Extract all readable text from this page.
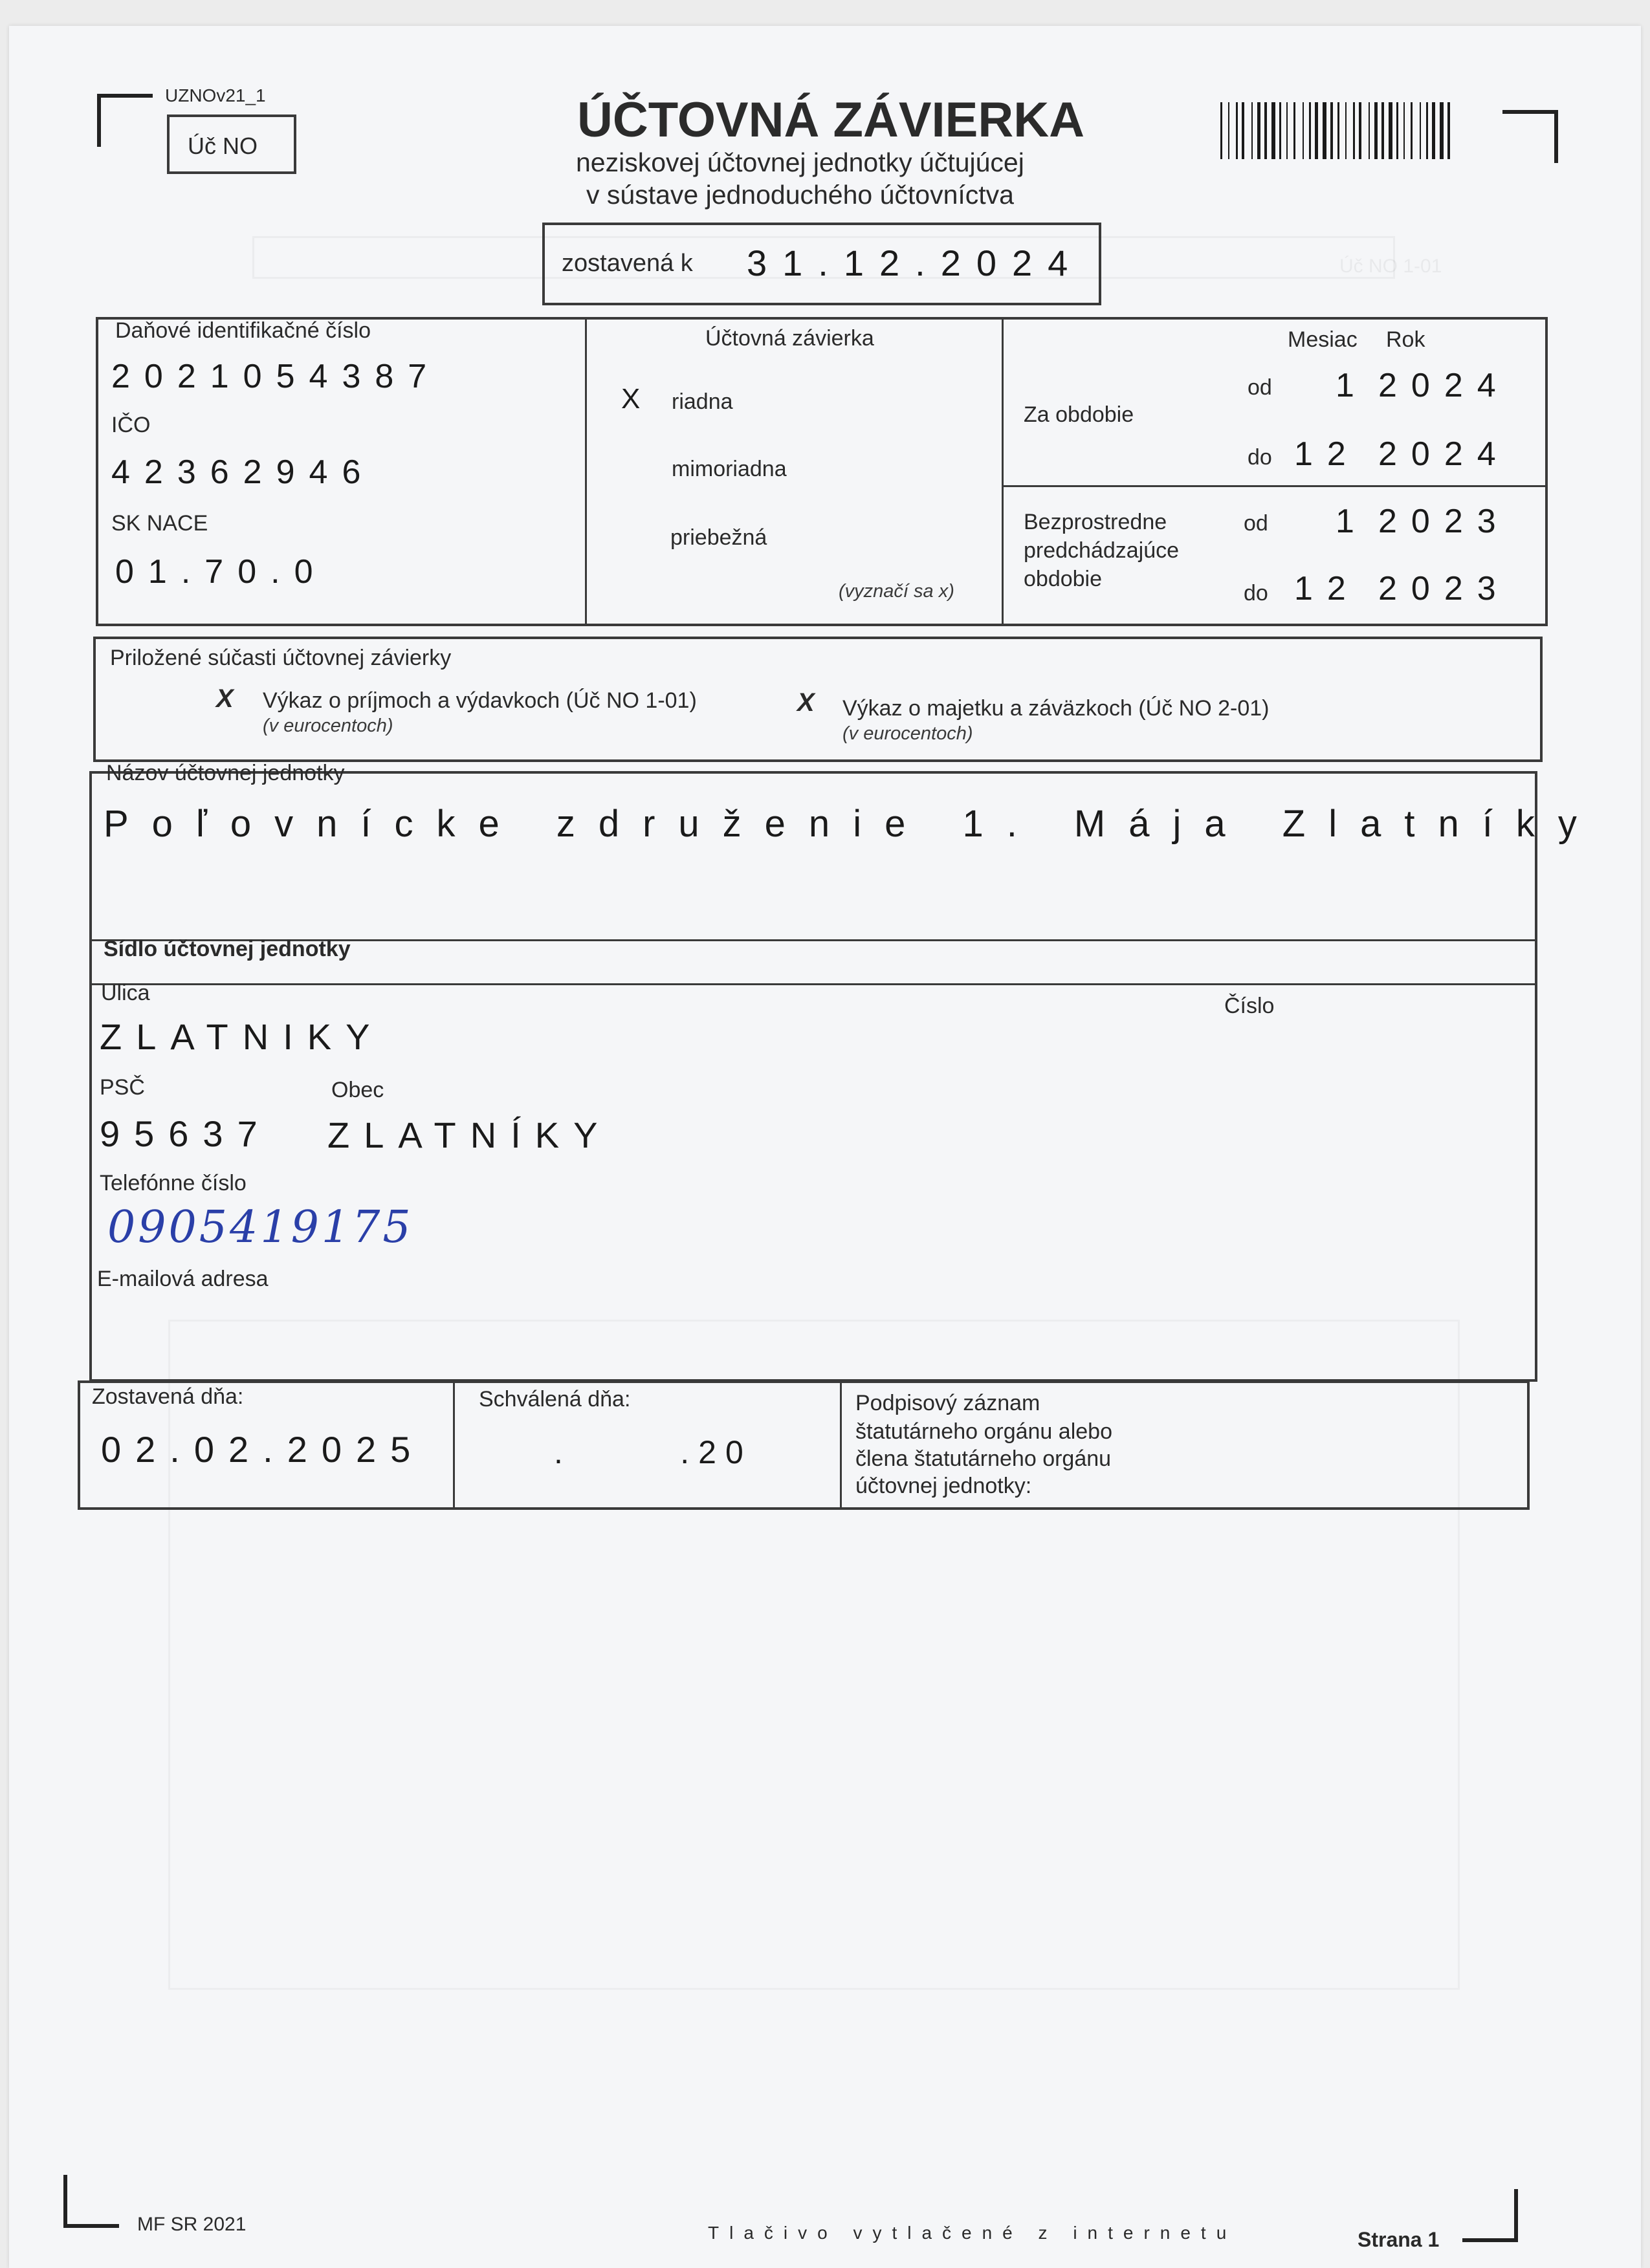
Úč NO 1-01
UZNOv21_1
Úč NO	ÚČTOVNÁ ZÁVIERKA
neziskovej účtovnej jednotky účtujúcej
v sústave jednoduchého účtovníctva
zostavená k 31.12.2024
Daňové identifikačné číslo
2021054387
IČO
42362946
SK NACE
01.70.0
Účtovná závierka
X riadna
mimoriadna
priebežná
(vyznačí sa x)
Mesiac Rok
Za obdobie
Bezprostredne
predchádzajúce
obdobie
od 1 2024
do 12 2024
od 1 2023
do 12 2023
Priložené súčasti účtovnej závierky
X Výkaz o príjmoch a výdavkoch (Úč NO 1-01)
(v eurocentoch)
X Výkaz o majetku a záväzkoch (Úč NO 2-01)
(v eurocentoch)
Názov účtovnej jednotky
Poľovnícke združenie 1. Mája Zlatníky
Sídlo účtovnej jednotky
Ulica
ZLATNIKY
Číslo
PSČ
95637
Obec
ZLATNÍKY
Telefónne číslo
0905419175
E-mailová adresa
Zostavená dňa:
02.02.2025
Schválená dňa:
.      .20
Podpisový záznam
štatutárneho orgánu alebo
člena štatutárneho orgánu
účtovnej jednotky:
MF SR 2021	Tlačivo vytlačené z internetu	Strana 1
